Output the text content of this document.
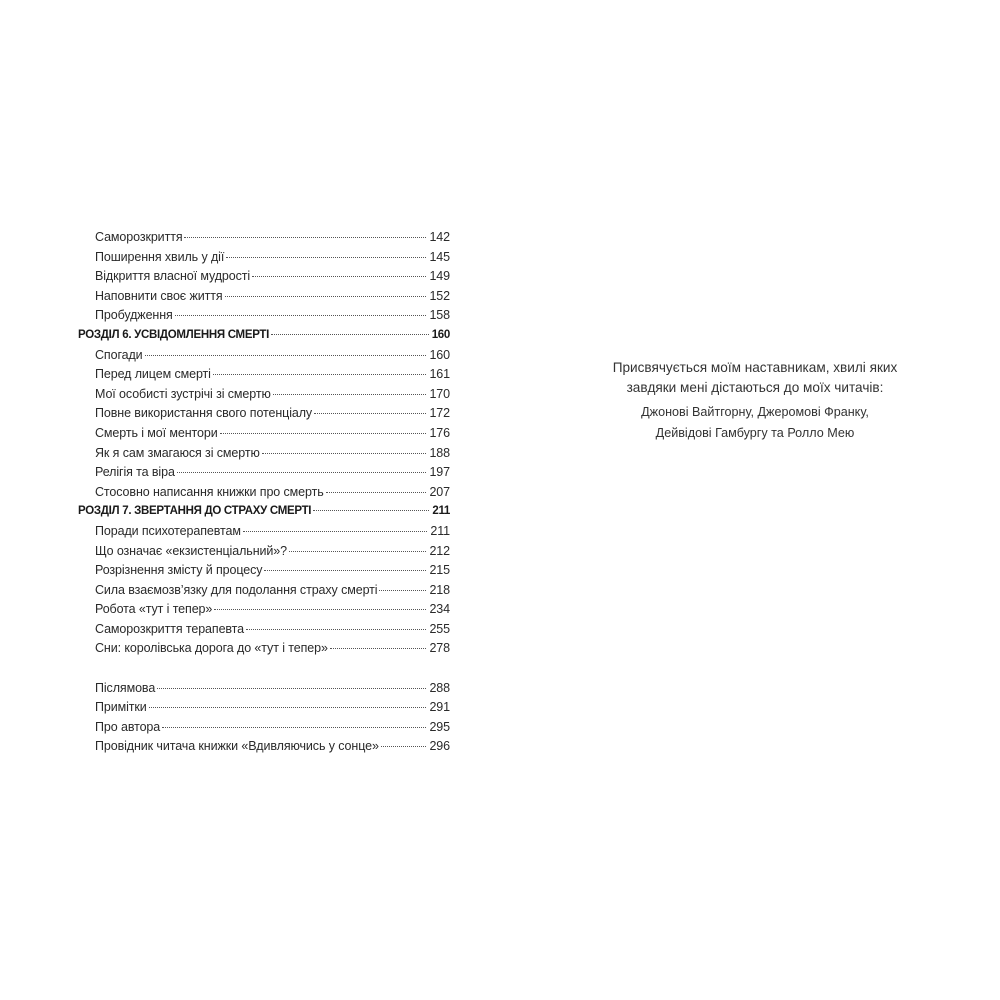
Саморозкриття	142
Поширення хвиль у дії	145
Відкриття власної мудрості	149
Наповнити своє життя	152
Пробудження	158
РОЗДІЛ 6. УСВІДОМЛЕННЯ СМЕРТІ	160
Спогади	160
Перед лицем смерті	161
Мої особисті зустрічі зі смертю	170
Повне використання свого потенціалу	172
Смерть і мої ментори	176
Як я сам змагаюся зі смертю	188
Релігія та віра	197
Стосовно написання книжки про смерть	207
РОЗДІЛ 7. ЗВЕРТАННЯ ДО СТРАХУ СМЕРТІ	211
Поради психотерапевтам	211
Що означає «екзистенціальний»?	212
Розрізнення змісту й процесу	215
Сила взаємозв’язку для подолання страху смерті	218
Робота «тут і тепер»	234
Саморозкриття терапевта	255
Сни: королівська дорога до «тут і тепер»	278
Післямова	288
Примітки	291
Про автора	295
Провідник читача книжки «Вдивляючись у сонце»	296
Присвячується моїм наставникам, хвилі яких
завдяки мені дістаються до моїх читачів:
Джонові Вайтгорну, Джеромові Франку,
Дейвідові Гамбургу та Ролло Мею
